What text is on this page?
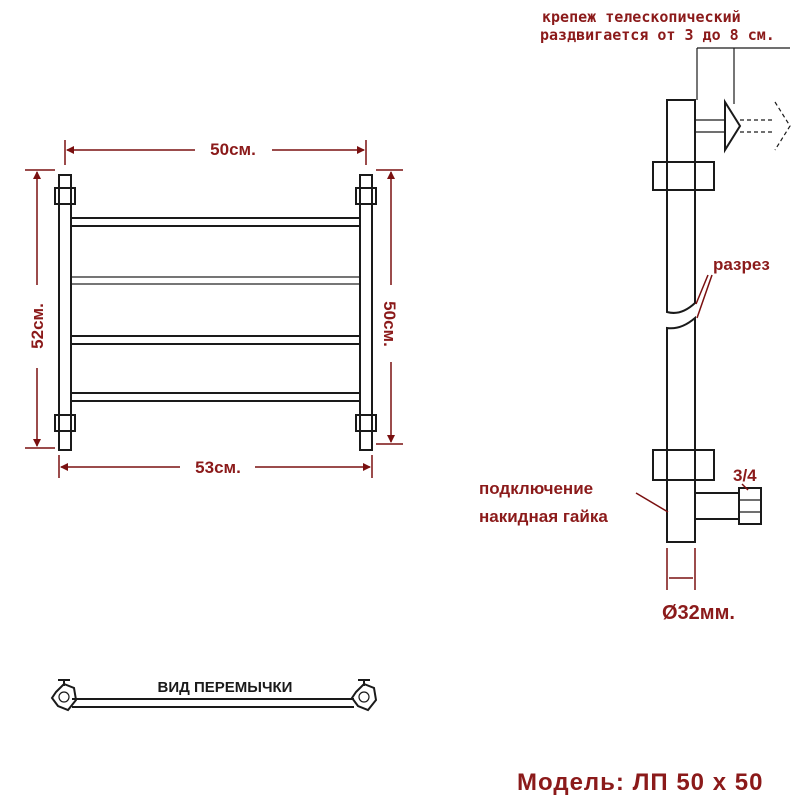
50см.
53см.
52см.	50см.
Ø32мм.
крепеж телескопический
раздвигается от 3 до 8 см.
разрез
3/4
подключение
накидная гайка
ВИД ПЕРЕМЫЧКИ
Модель: ЛП 50 х 50
